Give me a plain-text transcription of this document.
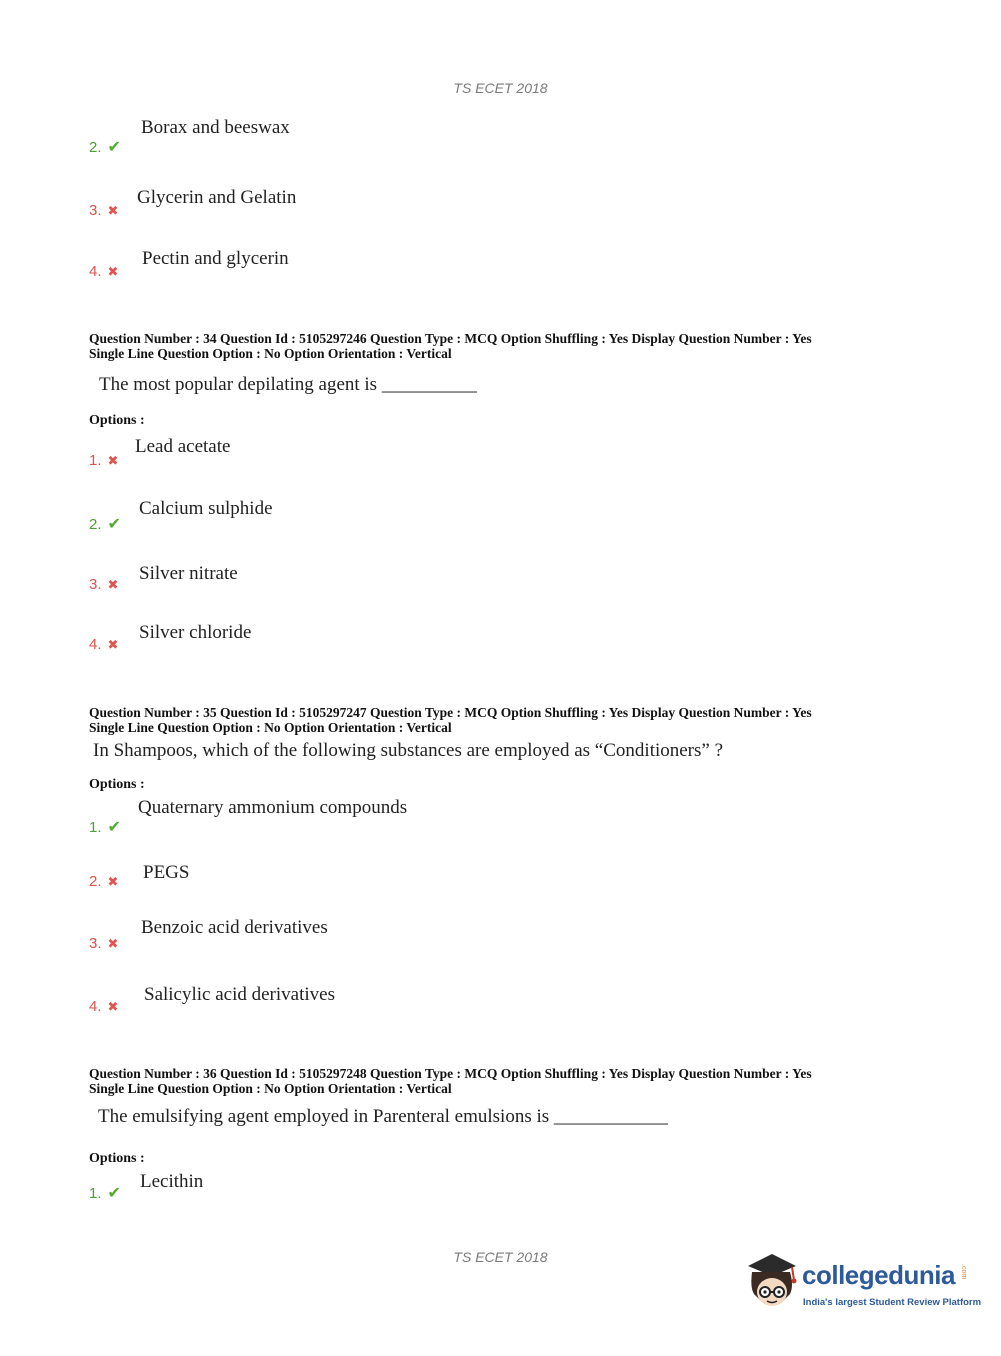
TS ECET 2018
2. ✔
Borax and beeswax
3. ✖
Glycerin and Gelatin
4. ✖
Pectin and glycerin
Question Number : 34 Question Id : 5105297246 Question Type : MCQ Option Shuffling : Yes Display Question Number : Yes
Single Line Question Option : No Option Orientation : Vertical
The most popular depilating agent is __________
Options :
1. ✖
Lead acetate
2. ✔
Calcium sulphide
3. ✖
Silver nitrate
4. ✖
Silver chloride
Question Number : 35 Question Id : 5105297247 Question Type : MCQ Option Shuffling : Yes Display Question Number : Yes
Single Line Question Option : No Option Orientation : Vertical
In Shampoos, which of the following substances are employed as “Conditioners” ?
Options :
1. ✔
Quaternary ammonium compounds
2. ✖ PEGS
3. ✖
Benzoic acid derivatives
4. ✖
Salicylic acid derivatives
Question Number : 36 Question Id : 5105297248 Question Type : MCQ Option Shuffling : Yes Display Question Number : Yes
Single Line Question Option : No Option Orientation : Vertical
The emulsifying agent employed in Parenteral emulsions is ____________
Options :
1. ✔
Lecithin
TS ECET 2018
collegedunia .com
India's largest Student Review Platform
